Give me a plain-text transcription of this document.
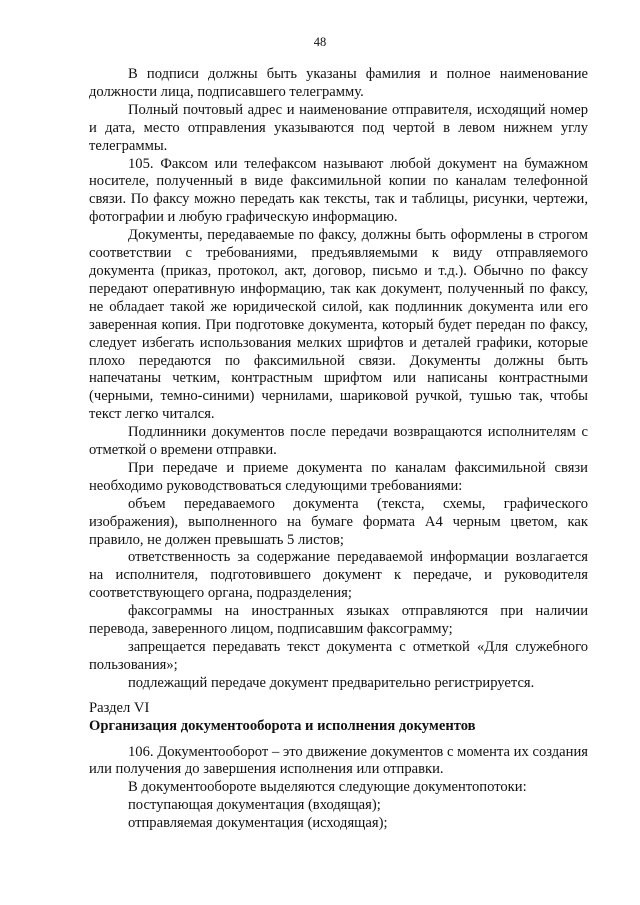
48

В подписи должны быть указаны фамилия и полное наименование должности лица, подписавшего телеграмму.

Полный почтовый адрес и наименование отправителя, исходящий номер и дата, место отправления указываются под чертой в левом нижнем углу телеграммы.

105. Факсом или телефаксом называют любой документ на бумажном носителе, полученный в виде факсимильной копии по каналам телефонной связи. По факсу можно передать как тексты, так и таблицы, рисунки, чертежи, фотографии и любую графическую информацию.

Документы, передаваемые по факсу, должны быть оформлены в строгом соответствии с требованиями, предъявляемыми к виду отправляемого документа (приказ, протокол, акт, договор, письмо и т.д.). Обычно по факсу передают оперативную информацию, так как документ, полученный по факсу, не обладает такой же юридической силой, как подлинник документа или его заверенная копия. При подготовке документа, который будет передан по факсу, следует избегать использования мелких шрифтов и деталей графики, которые плохо передаются по факсимильной связи. Документы должны быть напечатаны четким, контрастным шрифтом или написаны контрастными (черными, темно-синими) чернилами, шариковой ручкой, тушью так, чтобы текст легко читался.

Подлинники документов после передачи возвращаются исполнителям с отметкой о времени отправки.

При передаче и приеме документа по каналам факсимильной связи необходимо руководствоваться следующими требованиями:

объем передаваемого документа (текста, схемы, графического изображения), выполненного на бумаге формата А4 черным цветом, как правило, не должен превышать 5 листов;

ответственность за содержание передаваемой информации возлагается на исполнителя, подготовившего документ к передаче, и руководителя соответствующего органа, подразделения;

факсограммы на иностранных языках отправляются при наличии перевода, заверенного лицом, подписавшим факсограмму;

запрещается передавать текст документа с отметкой «Для служебного пользования»;

подлежащий передаче документ предварительно регистрируется.

Раздел VI

Организация документооборота и исполнения документов

106. Документооборот – это движение документов с момента их создания или получения до завершения исполнения или отправки.

В документообороте выделяются следующие документопотоки:

поступающая документация (входящая);

отправляемая документация (исходящая);
